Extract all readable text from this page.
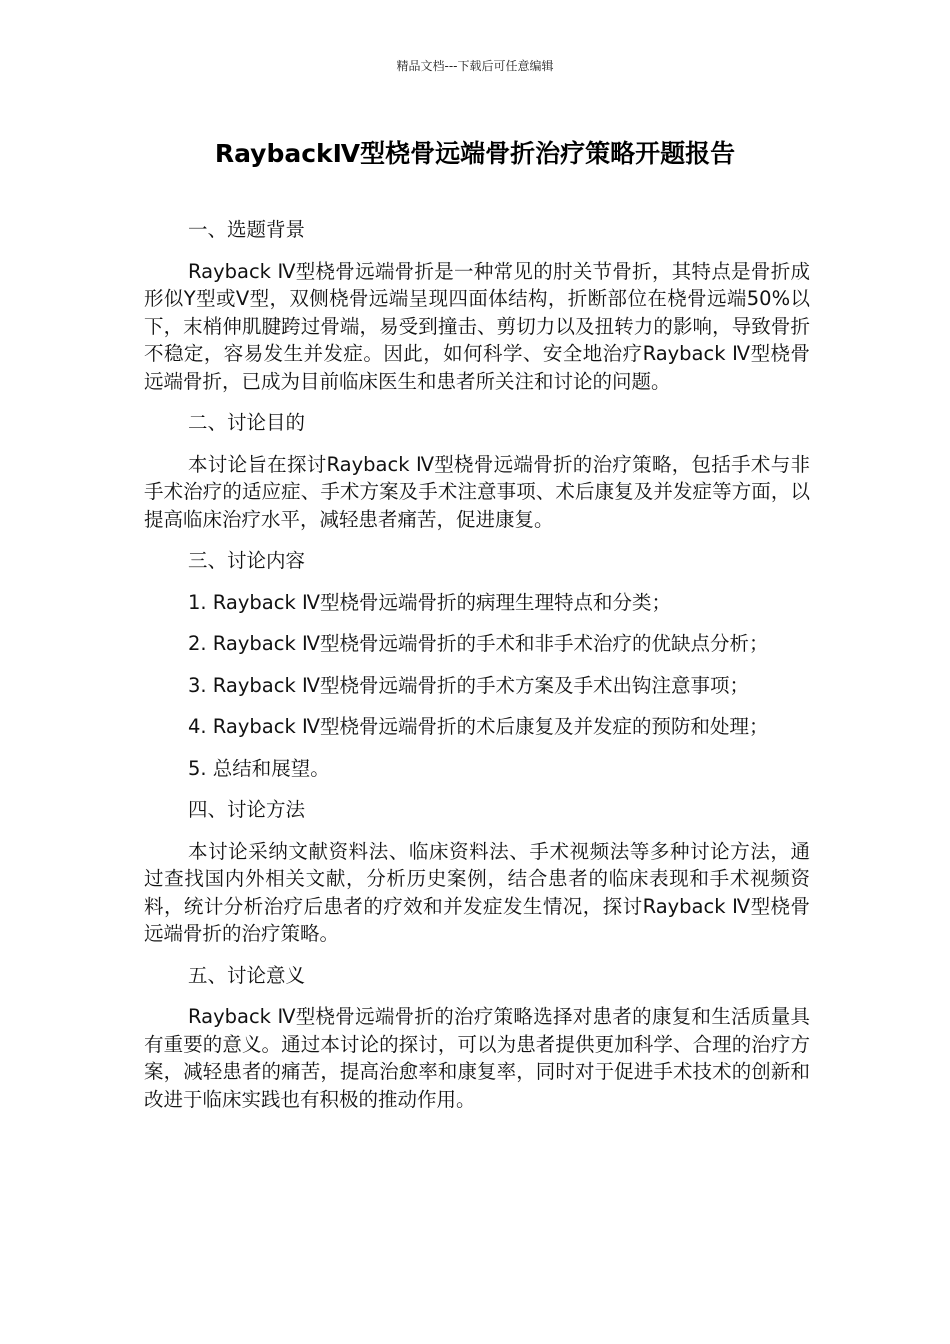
精品文档---下载后可任意编辑
RaybackⅣ型桡骨远端骨折治疗策略开题报告

一、选题背景

Rayback Ⅳ型桡骨远端骨折是一种常见的肘关节骨折，其特点是骨折成形似Y型或V型，双侧桡骨远端呈现四面体结构，折断部位在桡骨远端50%以下，末梢伸肌腱跨过骨端，易受到撞击、剪切力以及扭转力的影响，导致骨折不稳定，容易发生并发症。因此，如何科学、安全地治疗Rayback Ⅳ型桡骨远端骨折，已成为目前临床医生和患者所关注和讨论的问题。

二、讨论目的

本讨论旨在探讨Rayback Ⅳ型桡骨远端骨折的治疗策略，包括手术与非手术治疗的适应症、手术方案及手术注意事项、术后康复及并发症等方面，以提高临床治疗水平，减轻患者痛苦，促进康复。

三、讨论内容

1. Rayback Ⅳ型桡骨远端骨折的病理生理特点和分类；

2. Rayback Ⅳ型桡骨远端骨折的手术和非手术治疗的优缺点分析；

3. Rayback Ⅳ型桡骨远端骨折的手术方案及手术出钩注意事项；

4. Rayback Ⅳ型桡骨远端骨折的术后康复及并发症的预防和处理；

5. 总结和展望。

四、讨论方法

本讨论采纳文献资料法、临床资料法、手术视频法等多种讨论方法，通过查找国内外相关文献，分析历史案例，结合患者的临床表现和手术视频资料，统计分析治疗后患者的疗效和并发症发生情况，探讨Rayback Ⅳ型桡骨远端骨折的治疗策略。

五、讨论意义

Rayback Ⅳ型桡骨远端骨折的治疗策略选择对患者的康复和生活质量具有重要的意义。通过本讨论的探讨，可以为患者提供更加科学、合理的治疗方案，减轻患者的痛苦，提高治愈率和康复率，同时对于促进手术技术的创新和改进于临床实践也有积极的推动作用。
